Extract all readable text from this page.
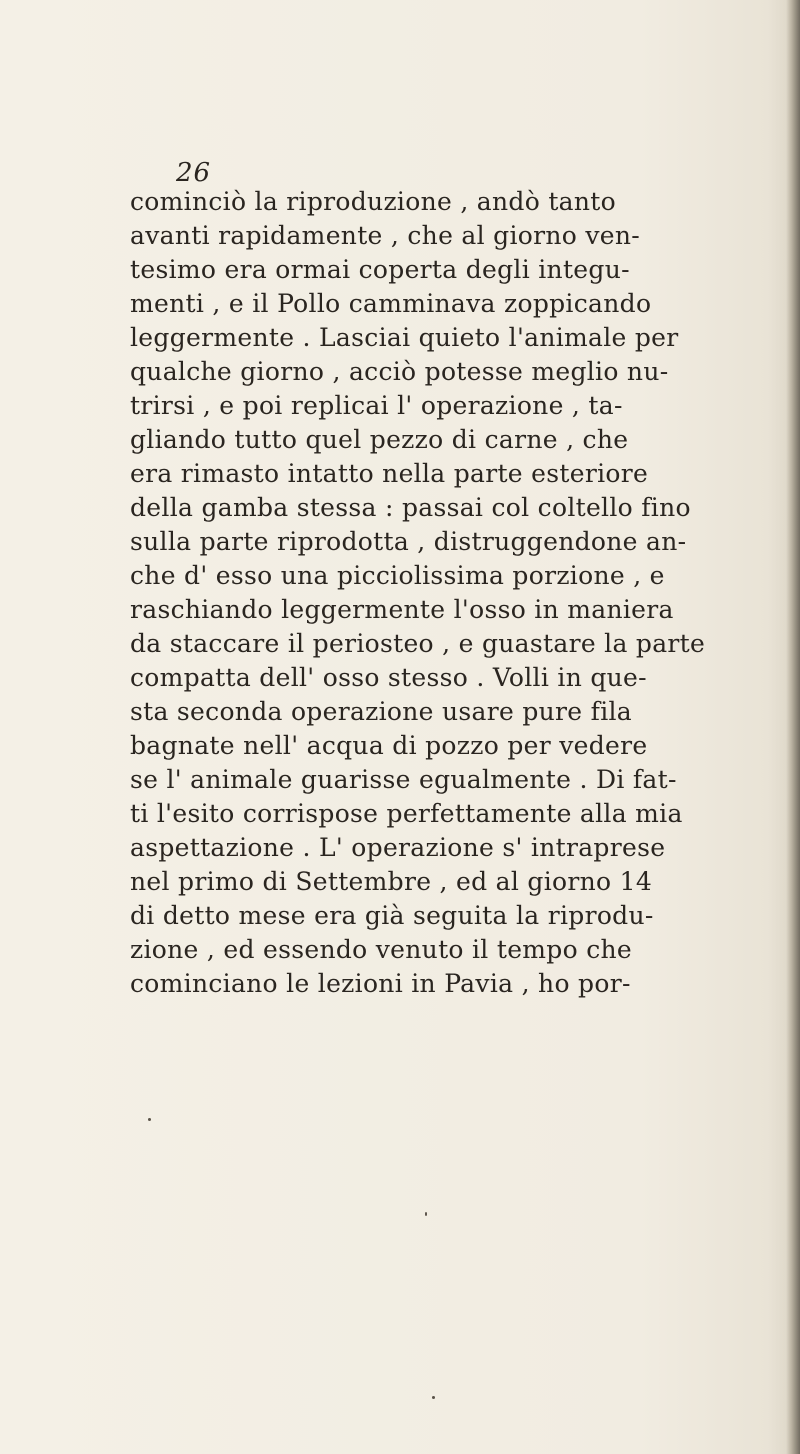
26
cominciò la riproduzione , andò tanto
avanti rapidamente , che al giorno ven-
tesimo era ormai coperta degli integu-
menti , e il Pollo camminava zoppicando
leggermente . Lasciai quieto l'animale per
qualche giorno , acciò potesse meglio nu-
trirsi , e poi replicai l' operazione , ta-
gliando tutto quel pezzo di carne , che
era rimasto intatto nella parte esteriore
della gamba stessa : passai col coltello fino
sulla parte riprodotta , distruggendone an-
che d' esso una picciolissima porzione , e
raschiando leggermente l'osso in maniera
da staccare il periosteo , e guastare la parte
compatta dell' osso stesso . Volli in que-
sta seconda operazione usare pure fila
bagnate nell' acqua di pozzo per vedere
se l' animale guarisse egualmente . Di fat-
ti l'esito corrispose perfettamente alla mia
aspettazione . L' operazione s' intraprese
nel primo di Settembre , ed al giorno 14
di detto mese era già seguita la riprodu-
zione , ed essendo venuto il tempo che
cominciano le lezioni in Pavia , ho por-
